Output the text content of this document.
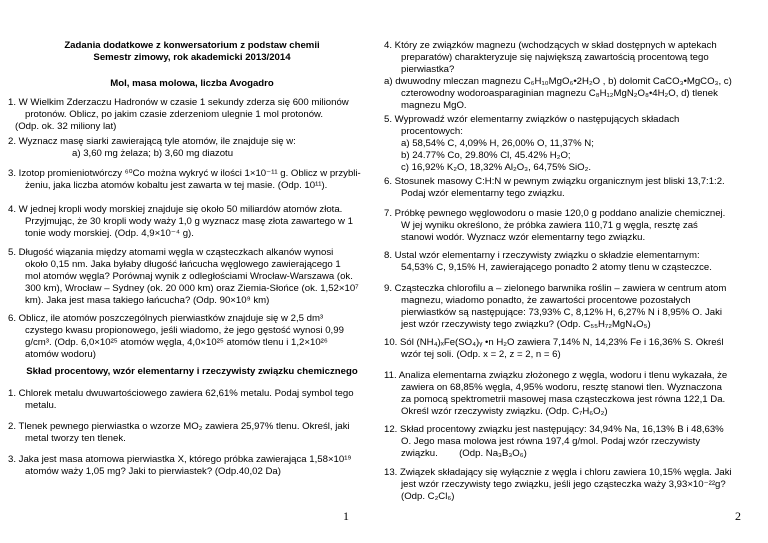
Zadania dodatkowe z konwersatorium z podstaw chemii
Semestr zimowy, rok akademicki 2013/2014
Mol, masa molowa, liczba Avogadro
1. W Wielkim Zderzaczu Hadronów w czasie 1 sekundy zderza się 600 milionów

protonów. Oblicz, po jakim czasie zderzeniom ulegnie 1 mol protonów.
(Odp. ok. 32 miliony lat)
2. Wyznacz masę siarki zawierającą tyle atomów, ile znajduje się w:
a) 3,60 mg żelaza; b) 3,60 mg diazotu
3. Izotop promieniotwórczy ⁶⁰Co można wykryć w ilości 1×10⁻¹¹ g. Oblicz w przybli-
żeniu, jaka liczba atomów kobaltu jest zawarta w tej masie. (Odp. 10¹¹).
4. W jednej kropli wody morskiej znajduje się około 50 miliardów atomów złota.

Przyjmując, że 30 kropli wody waży 1,0 g wyznacz masę złota zawartego w 1
tonie wody morskiej. (Odp. 4,9×10⁻⁴ g).
5. Długość wiązania między atomami węgla w cząsteczkach alkanów wynosi

około 0,15 nm. Jaka byłaby długość łańcucha węglowego zawierającego 1
mol atomów węgla? Porównaj wynik z odległościami Wrocław-Warszawa (ok.
300 km), Wrocław – Sydney (ok. 20 000 km) oraz Ziemia-Słońce (ok. 1,52×10⁷
km). Jaka jest masa takiego łańcucha? (Odp. 90×10⁹ km)
6. Oblicz, ile atomów poszczególnych pierwiastków znajduje się w 2,5 dm³

czystego kwasu propionowego, jeśli wiadomo, że jego gęstość wynosi 0,99
g/cm³. (Odp. 6,0×10²⁵ atomów węgla, 4,0×10²⁵ atomów tlenu i 1,2×10²⁶
atomów wodoru)
Skład procentowy, wzór elementarny i rzeczywisty związku chemicznego
1. Chlorek metalu dwuwartościowego zawiera 62,61% metalu. Podaj symbol tego

metalu.
2. Tlenek pewnego pierwiastka o wzorze MO₂ zawiera 25,97% tlenu. Określ, jaki

metal tworzy ten tlenek.
3. Jaka jest masa atomowa pierwiastka X, którego próbka zawierająca 1,58×10¹⁹

atomów waży 1,05 mg? Jaki to pierwiastek? (Odp.40,02 Da)
1
4. Który ze związków magnezu (wchodzących w skład dostępnych w aptekach

preparatów) charakteryzuje się największą zawartością procentową tego
pierwiastka?
a) dwuwodny mleczan magnezu C₆H₁₀MgO₆•2H₂O , b) dolomit CaCO₃•MgCO₃, c)

czterowodny wodoroasparaginian magnezu C₈H₁₂MgN₂O₈•4H₂O, d) tlenek
magnezu MgO.
5. Wyprowadź wzór elementarny związków o następujących składach

procentowych:
a) 58,54% C, 4,09% H, 26,00% O, 11,37% N;
b) 24.77% Co, 29.80% Cl, 45.42% H₂O;
c) 16,92% K₂O, 18,32% Al₂O₃, 64,75% SiO₂.
6. Stosunek masowy C:H:N w pewnym związku organicznym jest bliski 13,7:1:2.

Podaj wzór elementarny tego związku.
7. Próbkę pewnego węglowodoru o masie 120,0 g poddano analizie chemicznej.

W jej wyniku określono, że próbka zawiera 110,71 g węgla, resztę zaś
stanowi wodór. Wyznacz wzór elementarny tego związku.
8. Ustal wzór elementarny i rzeczywisty związku o składzie elementarnym:

54,53% C, 9,15% H, zawierającego ponadto 2 atomy tlenu w cząsteczce.
9. Cząsteczka chlorofilu a – zielonego barwnika roślin – zawiera w centrum atom

magnezu, wiadomo ponadto, że zawartości procentowe pozostałych
pierwiastków są następujące: 73,93% C, 8,12% H, 6,27% N i 8,95% O. Jaki
jest wzór rzeczywisty tego związku? (Odp. C₅₅H₇₂MgN₄O₅)
10. Sól (NH₄)ₓFe(SO₄)ᵧ •n H₂O zawiera 7,14% N, 14,23% Fe i 16,36% S. Określ

wzór tej soli. (Odp. x = 2, z = 2, n = 6)
11. Analiza elementarna związku złożonego z węgla, wodoru i tlenu wykazała, że

zawiera on 68,85% węgla, 4,95% wodoru, resztę stanowi tlen. Wyznaczona
za pomocą spektrometrii masowej masa cząsteczkowa jest równa 122,1 Da.
Określ wzór rzeczywisty związku. (Odp. C₇H₆O₂)
12. Skład procentowy związku jest następujący: 34,94% Na, 16,13% B i 48,63%

O. Jego masa molowa jest równa 197,4 g/mol. Podaj wzór rzeczywisty
związku.        (Odp. Na₃B₃O₆)
13. Związek składający się wyłącznie z węgla i chloru zawiera 10,15% węgla. Jaki

jest wzór rzeczywisty tego związku, jeśli jego cząsteczka waży 3,93×10⁻²²g?
(Odp. C₂Cl₆)
2
